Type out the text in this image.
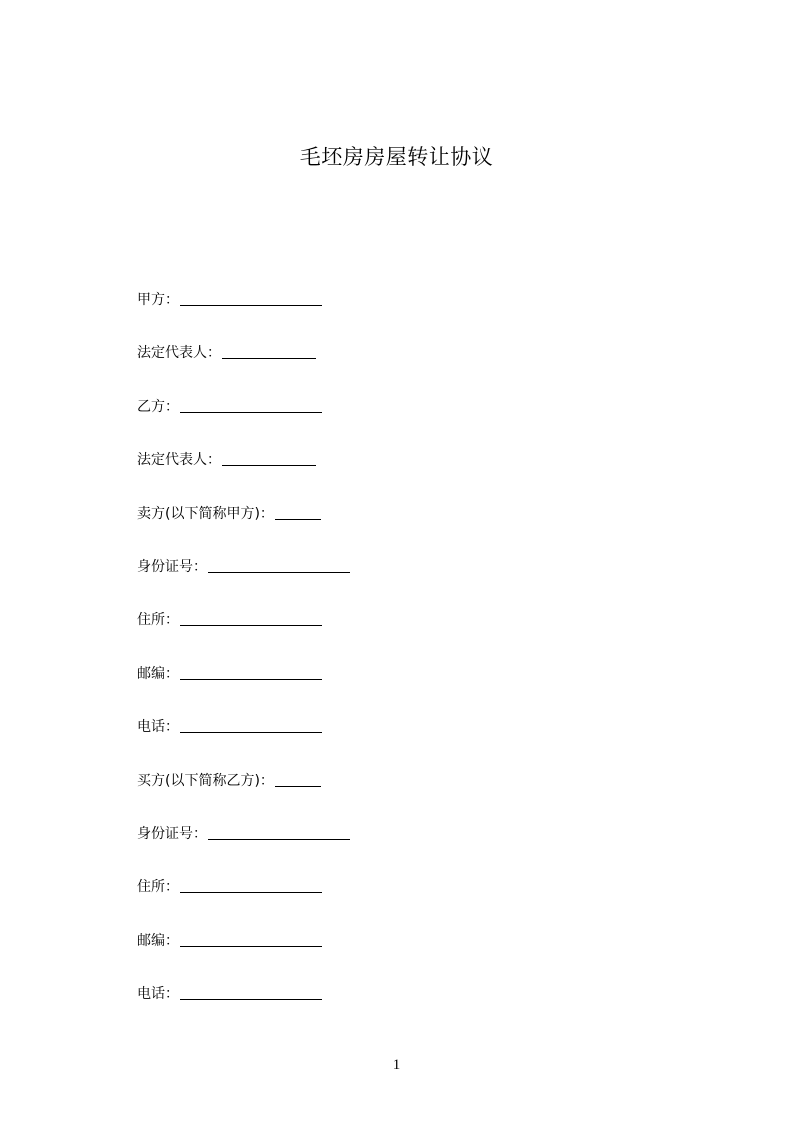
毛坯房房屋转让协议
甲方：
法定代表人：
乙方：
法定代表人：
卖方(以下简称甲方)：
身份证号：
住所：
邮编：
电话：
买方(以下简称乙方)：
身份证号：
住所：
邮编：
电话：
1
